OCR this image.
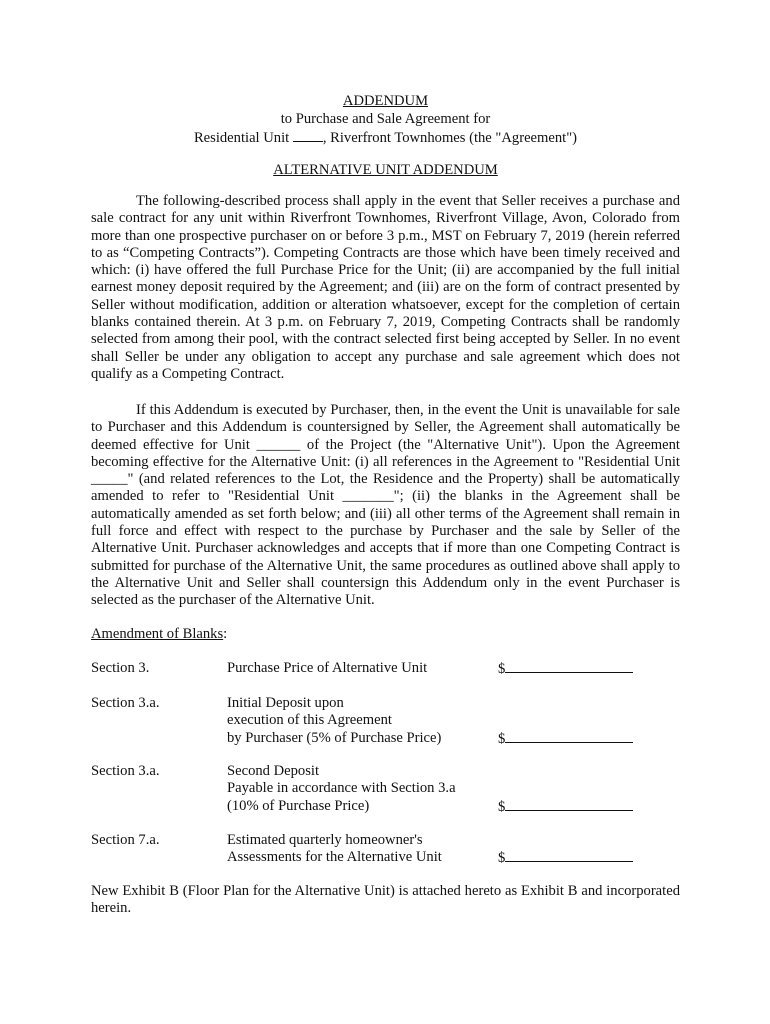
ADDENDUM
to Purchase and Sale Agreement for
Residential Unit , Riverfront Townhomes (the "Agreement")
ALTERNATIVE UNIT ADDENDUM

The following-described process shall apply in the event that Seller receives a purchase and sale contract for any unit within Riverfront Townhomes, Riverfront Village, Avon, Colorado from more than one prospective purchaser on or before 3 p.m., MST on February 7, 2019 (herein referred to as “Competing Contracts”). Competing Contracts are those which have been timely received and which: (i) have offered the full Purchase Price for the Unit; (ii) are accompanied by the full initial earnest money deposit required by the Agreement; and (iii) are on the form of contract presented by Seller without modification, addition or alteration whatsoever, except for the completion of certain blanks contained therein. At 3 p.m. on February 7, 2019, Competing Contracts shall be randomly selected from among their pool, with the contract selected first being accepted by Seller. In no event shall Seller be under any obligation to accept any purchase and sale agreement which does not qualify as a Competing Contract.

If this Addendum is executed by Purchaser, then, in the event the Unit is unavailable for sale to Purchaser and this Addendum is countersigned by Seller, the Agreement shall automatically be deemed effective for Unit ______ of the Project (the "Alternative Unit"). Upon the Agreement becoming effective for the Alternative Unit: (i) all references in the Agreement to "Residential Unit _____" (and related references to the Lot, the Residence and the Property) shall be automatically amended to refer to "Residential Unit _______"; (ii) the blanks in the Agreement shall be automatically amended as set forth below; and (iii) all other terms of the Agreement shall remain in full force and effect with respect to the purchase by Purchaser and the sale by Seller of the Alternative Unit. Purchaser acknowledges and accepts that if more than one Competing Contract is submitted for purchase of the Alternative Unit, the same procedures as outlined above shall apply to the Alternative Unit and Seller shall countersign this Addendum only in the event Purchaser is selected as the purchaser of the Alternative Unit.

Amendment of Blanks:
Section 3.	Purchase Price of Alternative Unit	$
Section 3.a.	Initial Deposit upon
execution of this Agreement
by Purchaser (5% of Purchase Price)	$
Section 3.a.	Second Deposit
Payable in accordance with Section 3.a
(10% of Purchase Price)	$
Section 7.a.	Estimated quarterly homeowner's
Assessments for the Alternative Unit	$

New Exhibit B (Floor Plan for the Alternative Unit) is attached hereto as Exhibit B and incorporated herein.
